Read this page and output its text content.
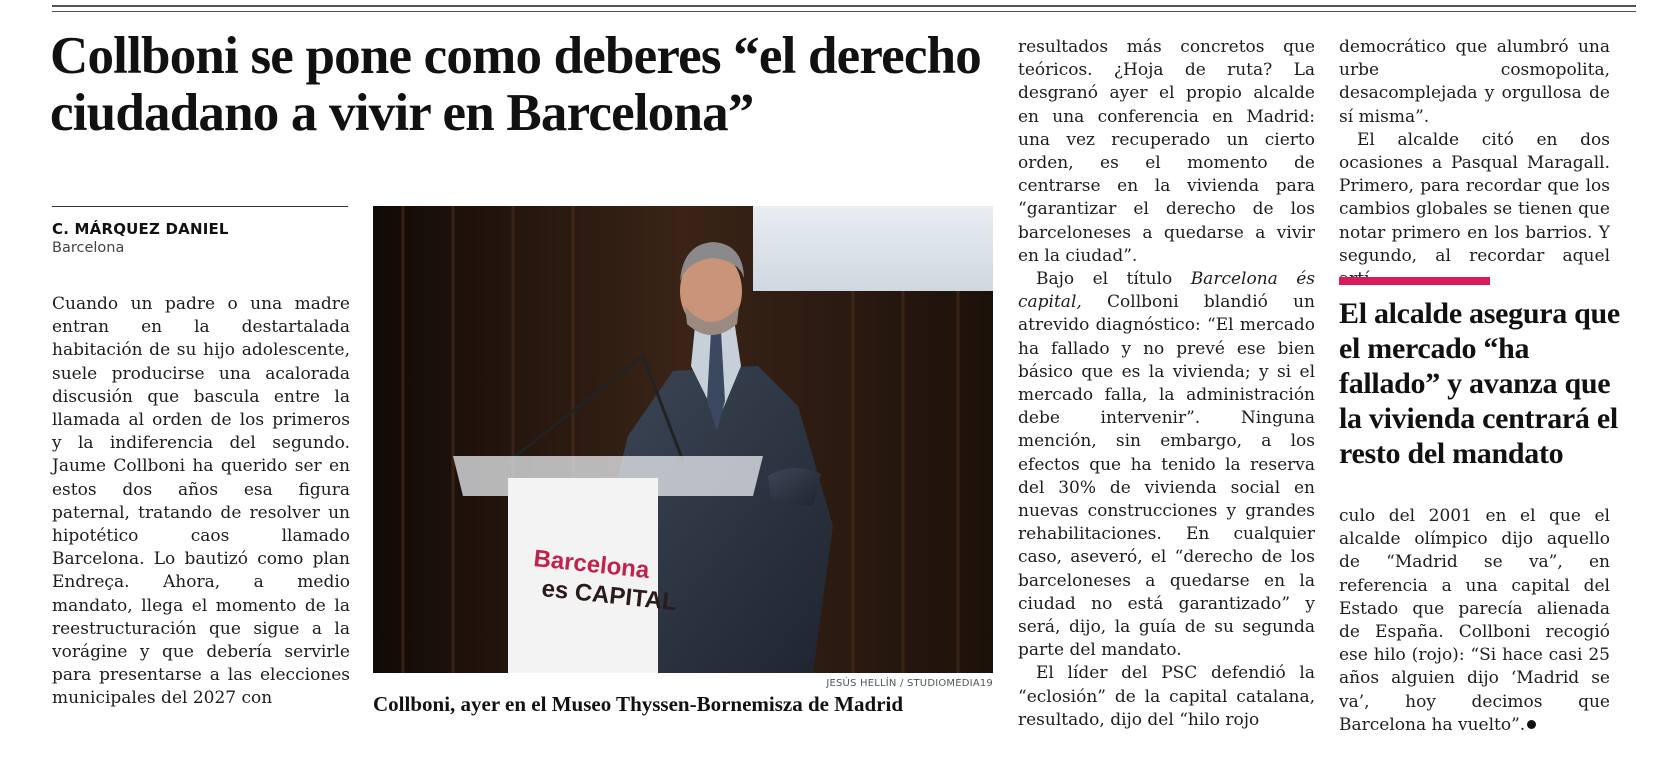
Collboni se pone como deberes “el derecho ciudadano a vivir en Barcelona”
C. MÁRQUEZ DANIEL
Barcelona

Cuando un padre o una madre entran en la destartalada habitación de su hijo adolescente, suele producirse una acalorada discusión que bascula entre la llamada al orden de los primeros y la indiferencia del segundo. Jaume Collboni ha querido ser en estos dos años esa figura paternal, tratando de resolver un hipotético caos llamado Barcelona. Lo bautizó como plan Endreça. Ahora, a medio mandato, llega el momento de la reestructuración que sigue a la vorágine y que debería servirle para presentarse a las elecciones municipales del 2027 con

Barcelona
es CAPITAL
JESÚS HELLÍN / STUDIOMEDIA19
Collboni, ayer en el Museo Thyssen-Bornemisza de Madrid

resultados más concretos que teóricos. ¿Hoja de ruta? La desgranó ayer el propio alcalde en una conferencia en Madrid: una vez recuperado un cierto orden, es el momento de centrarse en la vivienda para “garantizar el derecho de los barceloneses a quedarse a vivir en la ciudad”.

Bajo el título Barcelona és capital, Collboni blandió un atrevido diagnóstico: “El mercado ha fallado y no prevé ese bien básico que es la vivienda; y si el mercado falla, la administración debe intervenir”. Ninguna mención, sin embargo, a los efectos que ha tenido la reserva del 30% de vivienda social en nuevas construcciones y grandes rehabilitaciones. En cualquier caso, aseveró, el “derecho de los barceloneses a quedarse en la ciudad no está garantizado” y será, dijo, la guía de su segunda parte del mandato.

El líder del PSC defendió la “eclosión” de la capital catalana, resultado, dijo del “hilo rojo

democrático que alumbró una urbe cosmopolita, desacomplejada y orgullosa de sí misma”.

El alcalde citó en dos ocasiones a Pasqual Maragall. Primero, para recordar que los cambios globales se tienen que notar primero en los barrios. Y segundo, al recordar aquel

El alcalde asegura que el mercado “ha fallado” y avanza que la vivienda centrará el resto del mandato

culo del 2001 en el que el alcalde olímpico dijo aquello de “Madrid se va”, en referencia a una capital del Estado que parecía alienada de España. Collboni recogió ese hilo (rojo): “Si hace casi 25 años alguien dijo ‘Madrid se va’, hoy decimos que Barcelona ha vuelto”.
